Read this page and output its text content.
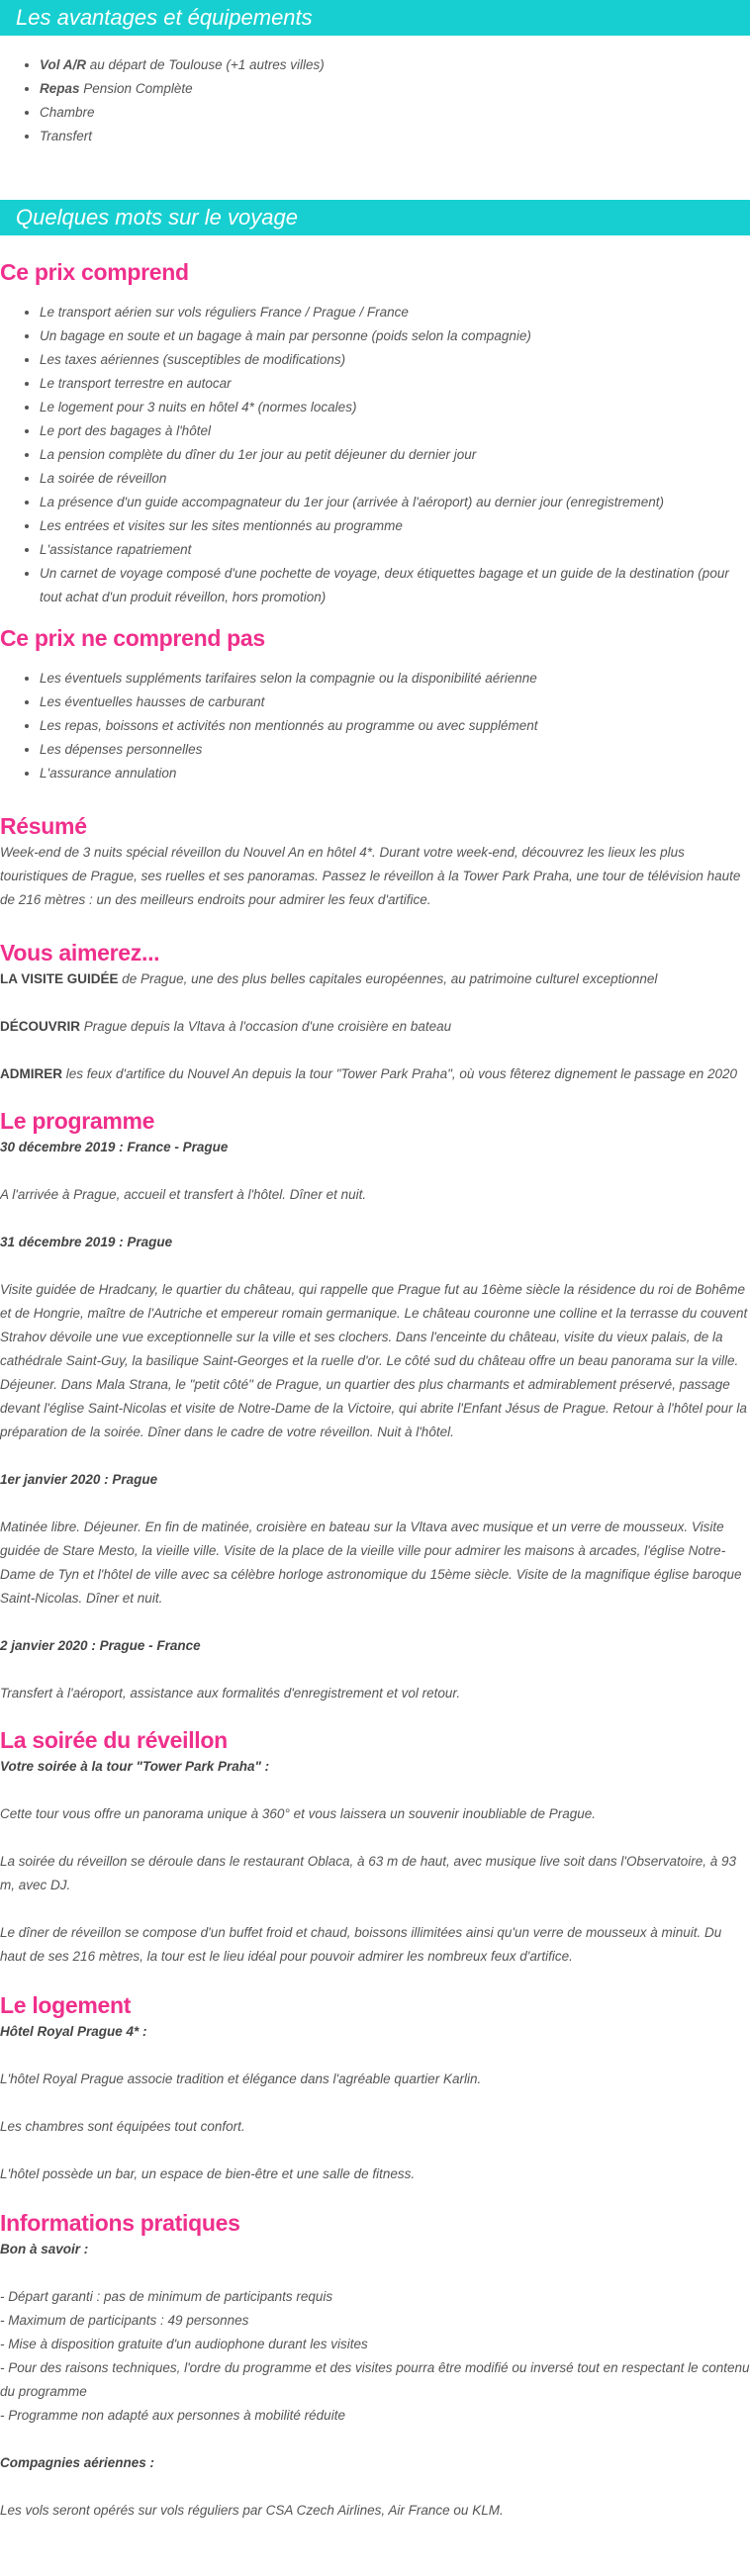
Les avantages et équipements
• Vol A/R au départ de Toulouse (+1 autres villes)
• Repas Pension Complète
• Chambre
• Transfert
Quelques mots sur le voyage
Ce prix comprend
• Le transport aérien sur vols réguliers France / Prague / France
• Un bagage en soute et un bagage à main par personne (poids selon la compagnie)
• Les taxes aériennes (susceptibles de modifications)
• Le transport terrestre en autocar
• Le logement pour 3 nuits en hôtel 4* (normes locales)
• Le port des bagages à l'hôtel
• La pension complète du dîner du 1er jour au petit déjeuner du dernier jour
• La soirée de réveillon
• La présence d'un guide accompagnateur du 1er jour (arrivée à l'aéroport) au dernier jour (enregistrement)
• Les entrées et visites sur les sites mentionnés au programme
• L'assistance rapatriement
• Un carnet de voyage composé d'une pochette de voyage, deux étiquettes bagage et un guide de la destination (pour tout achat d'un produit réveillon, hors promotion)
Ce prix ne comprend pas
• Les éventuels suppléments tarifaires selon la compagnie ou la disponibilité aérienne
• Les éventuelles hausses de carburant
• Les repas, boissons et activités non mentionnés au programme ou avec supplément
• Les dépenses personnelles
• L'assurance annulation
Résumé

Week-end de 3 nuits spécial réveillon du Nouvel An en hôtel 4*. Durant votre week-end, découvrez les lieux les plus touristiques de Prague, ses ruelles et ses panoramas. Passez le réveillon à la Tower Park Praha, une tour de télévision haute de 216 mètres : un des meilleurs endroits pour admirer les feux d'artifice.

Vous aimerez...

LA VISITE GUIDÉE de Prague, une des plus belles capitales européennes, au patrimoine culturel exceptionnel

DÉCOUVRIR Prague depuis la Vltava à l'occasion d'une croisière en bateau

ADMIRER les feux d'artifice du Nouvel An depuis la tour "Tower Park Praha", où vous fêterez dignement le passage en 2020

Le programme

30 décembre 2019 : France - Prague

A l'arrivée à Prague, accueil et transfert à l'hôtel. Dîner et nuit.

31 décembre 2019 : Prague

Visite guidée de Hradcany, le quartier du château, qui rappelle que Prague fut au 16ème siècle la résidence du roi de Bohême et de Hongrie, maître de l'Autriche et empereur romain germanique. Le château couronne une colline et la terrasse du couvent Strahov dévoile une vue exceptionnelle sur la ville et ses clochers. Dans l'enceinte du château, visite du vieux palais, de la cathédrale Saint-Guy, la basilique Saint-Georges et la ruelle d'or. Le côté sud du château offre un beau panorama sur la ville. Déjeuner. Dans Mala Strana, le "petit côté" de Prague, un quartier des plus charmants et admirablement préservé, passage devant l'église Saint-Nicolas et visite de Notre-Dame de la Victoire, qui abrite l'Enfant Jésus de Prague. Retour à l'hôtel pour la préparation de la soirée. Dîner dans le cadre de votre réveillon. Nuit à l'hôtel.

1er janvier 2020 : Prague

Matinée libre. Déjeuner. En fin de matinée, croisière en bateau sur la Vltava avec musique et un verre de mousseux. Visite guidée de Stare Mesto, la vieille ville. Visite de la place de la vieille ville pour admirer les maisons à arcades, l'église Notre-Dame de Tyn et l'hôtel de ville avec sa célèbre horloge astronomique du 15ème siècle. Visite de la magnifique église baroque Saint-Nicolas. Dîner et nuit.

2 janvier 2020 : Prague - France

Transfert à l'aéroport, assistance aux formalités d'enregistrement et vol retour.

La soirée du réveillon

Votre soirée à la tour "Tower Park Praha" :

Cette tour vous offre un panorama unique à 360° et vous laissera un souvenir inoubliable de Prague.

La soirée du réveillon se déroule dans le restaurant Oblaca, à 63 m de haut, avec musique live soit dans l'Observatoire, à 93 m, avec DJ.

Le dîner de réveillon se compose d'un buffet froid et chaud, boissons illimitées ainsi qu'un verre de mousseux à minuit. Du haut de ses 216 mètres, la tour est le lieu idéal pour pouvoir admirer les nombreux feux d'artifice.

Le logement

Hôtel Royal Prague 4* :

L'hôtel Royal Prague associe tradition et élégance dans l'agréable quartier Karlin.

Les chambres sont équipées tout confort.

L'hôtel possède un bar, un espace de bien-être et une salle de fitness.

Informations pratiques

Bon à savoir :

- Départ garanti : pas de minimum de participants requis

- Maximum de participants : 49 personnes

- Mise à disposition gratuite d'un audiophone durant les visites

- Pour des raisons techniques, l'ordre du programme et des visites pourra être modifié ou inversé tout en respectant le contenu du programme

- Programme non adapté aux personnes à mobilité réduite

Compagnies aériennes :

Les vols seront opérés sur vols réguliers par CSA Czech Airlines, Air France ou KLM.
